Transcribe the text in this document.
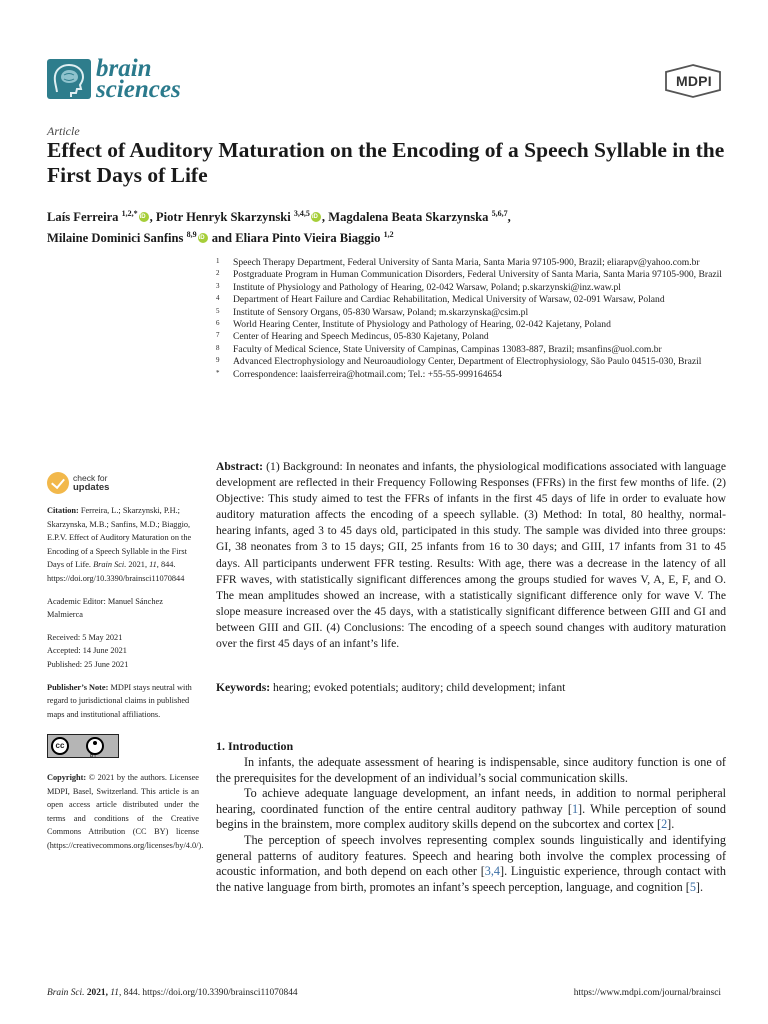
brain
sciences	MDPI
Article
Effect of Auditory Maturation on the Encoding of a Speech Syllable in the First Days of Life
Laís Ferreira $^{1,2,*}$ iD , Piotr Henryk Skarzynski $^{3,4,5}$ iD , Magdalena Beata Skarzynska $^{5,6,7}$,
Milaine Dominici Sanfins $^{8,9}$iD and Eliara Pinto Vieira Biaggio $^{1,2}$
1 Speech Therapy Department, Federal University of Santa Maria, Santa Maria 97105-900, Brazil; eliarapv@yahoo.com.br
2 Postgraduate Program in Human Communication Disorders, Federal University of Santa Maria, Santa Maria 97105-900, Brazil
3 Institute of Physiology and Pathology of Hearing, 02-042 Warsaw, Poland; p.skarzynski@inz.waw.pl
4 Department of Heart Failure and Cardiac Rehabilitation, Medical University of Warsaw, 02-091 Warsaw, Poland
5 Institute of Sensory Organs, 05-830 Warsaw, Poland; m.skarzynska@csim.pl
6 World Hearing Center, Institute of Physiology and Pathology of Hearing, 02-042 Kajetany, Poland
7 Center of Hearing and Speech Medincus, 05-830 Kajetany, Poland
8 Faculty of Medical Science, State University of Campinas, Campinas 13083-887, Brazil; msanfins@uol.com.br
9 Advanced Electrophysiology and Neuroaudiology Center, Department of Electrophysiology, São Paulo 04515-030, Brazil
* Correspondence: laaisferreira@hotmail.com; Tel.: +55-55-999164654
check for
updates
Citation: Ferreira, L.; Skarzynski, P.H.; Skarzynska, M.B.; Sanfins, M.D.; Biaggio, E.P.V. Effect of Auditory Maturation on the Encoding of a Speech Syllable in the First Days of Life. Brain Sci. 2021, 11, 844. https://doi.org/10.3390/brainsci11070844
Academic Editor: Manuel Sánchez Malmierca
Received: 5 May 2021
Accepted: 14 June 2021
Published: 25 June 2021
Publisher’s Note: MDPI stays neutral with regard to jurisdictional claims in published maps and institutional affiliations.
cc
BY
Copyright: © 2021 by the authors. Licensee MDPI, Basel, Switzerland. This article is an open access article distributed under the terms and conditions of the Creative Commons Attribution (CC BY) license (https://creativecommons.org/licenses/by/4.0/).
Abstract: (1) Background: In neonates and infants, the physiological modifications associated with language development are reflected in their Frequency Following Responses (FFRs) in the first few months of life. (2) Objective: This study aimed to test the FFRs of infants in the first 45 days of life in order to evaluate how auditory maturation affects the encoding of a speech syllable. (3) Method: In total, 80 healthy, normal-hearing infants, aged 3 to 45 days old, participated in this study. The sample was divided into three groups: GI, 38 neonates from 3 to 15 days; GII, 25 infants from 16 to 30 days; and GIII, 17 infants from 31 to 45 days. All participants underwent FFR testing. Results: With age, there was a decrease in the latency of all FFR waves, with statistically significant differences among the groups studied for waves V, A, E, F, and O. The mean amplitudes showed an increase, with a statistically significant difference only for wave V. The slope measure increased over the 45 days, with a statistically significant difference between GIII and GI and between GIII and GII. (4) Conclusions: The encoding of a speech sound changes with auditory maturation over the first 45 days of an infant’s life.
Keywords: hearing; evoked potentials; auditory; child development; infant
1. Introduction

In infants, the adequate assessment of hearing is indispensable, since auditory function is one of the prerequisites for the development of an individual’s social communication skills.

To achieve adequate language development, an infant needs, in addition to normal peripheral hearing, coordinated function of the entire central auditory pathway [1]. While perception of sound begins in the brainstem, more complex auditory skills depend on the subcortex and cortex [2].

The perception of speech involves representing complex sounds linguistically and identifying general patterns of auditory features. Speech and hearing both involve the complex processing of acoustic information, and both depend on each other [3,4]. Linguistic experience, through contact with the native language from birth, promotes an infant’s speech perception, language, and cognition [5].

Brain Sci. 2021, 11, 844. https://doi.org/10.3390/brainsci11070844	https://www.mdpi.com/journal/brainsci
